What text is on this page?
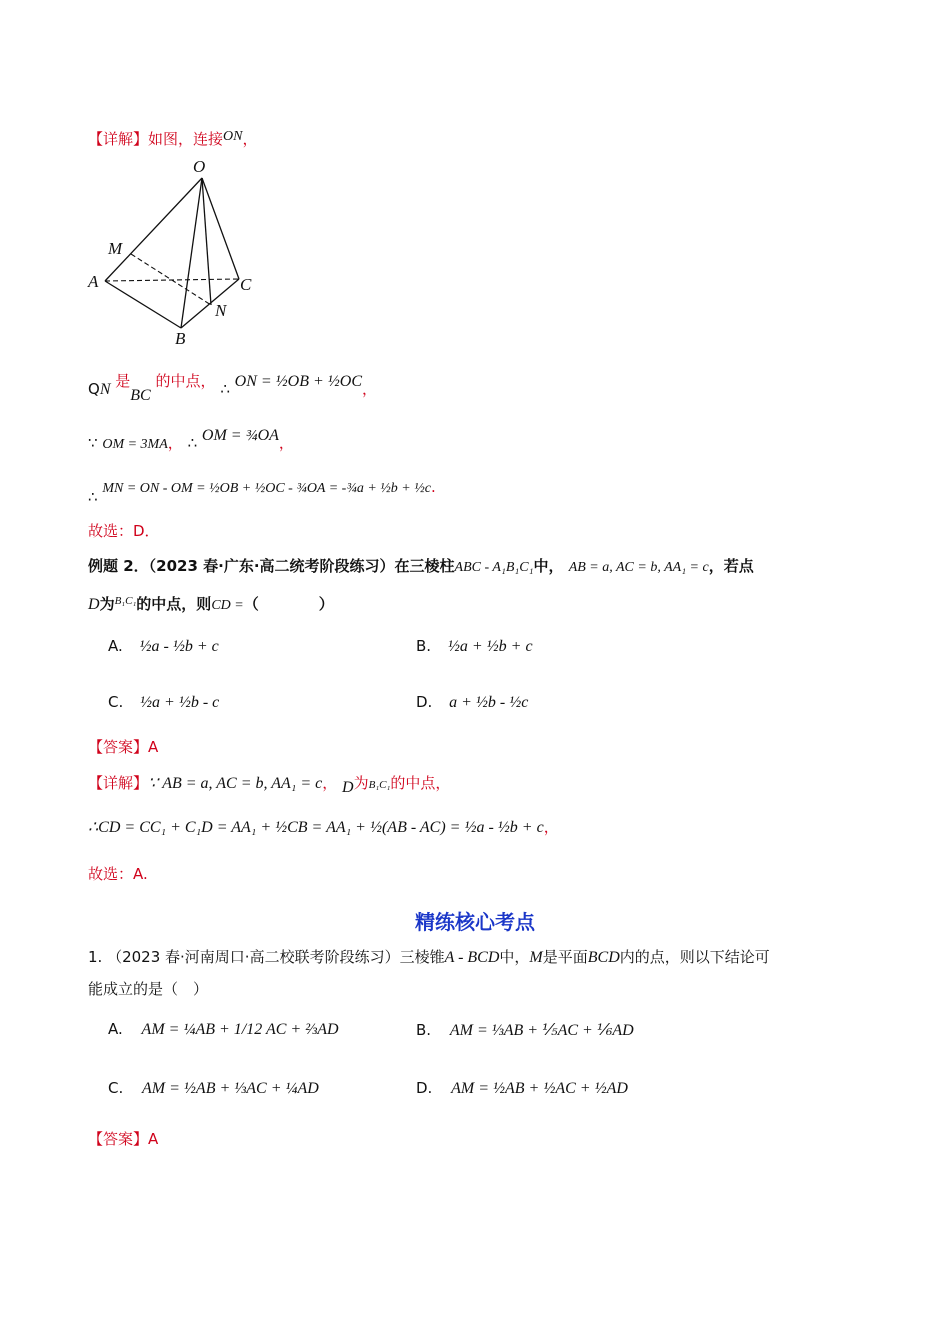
【详解】如图，连接ON，
O
M
A	C
N
B
QN 是BC 的中点， ∴ ON = ½OB + ½OC，
∵ OM = 3MA， ∴ OM = ¾OA，
∴ MN = ON - OM = ½OB + ½OC - ¾OA = -¾a + ½b + ½c.
故选：D．
例题 2．（2023 春·广东·高二统考阶段练习）在三棱柱ABC - A₁B₁C₁中， AB = a, AC = b, AA₁ = c，若点
D为$^{B_1C_1}$的中点，则CD =（　　　　）
A. ½a - ½b + c	B. ½a + ½b + c
C. ½a + ½b - c	D. a + ½b - ½c
【答案】A
【详解】∵ AB = a, AC = b, AA₁ = c， D为B₁C₁的中点，
∴CD = CC₁ + C₁D = AA₁ + ½CB = AA₁ + ½(AB - AC) = ½a - ½b + c，
故选：A.
精练核心考点
1. （2023 春·河南周口·高二校联考阶段练习）三棱锥A - BCD中，M是平面BCD内的点，则以下结论可
能成立的是（　）
A. AM = ¼AB + 1/12 AC + ⅔AD	B. AM = ⅓AB + ⅕AC + ⅙AD
C. AM = ½AB + ⅓AC + ¼AD	D. AM = ½AB + ½AC + ½AD
【答案】A
